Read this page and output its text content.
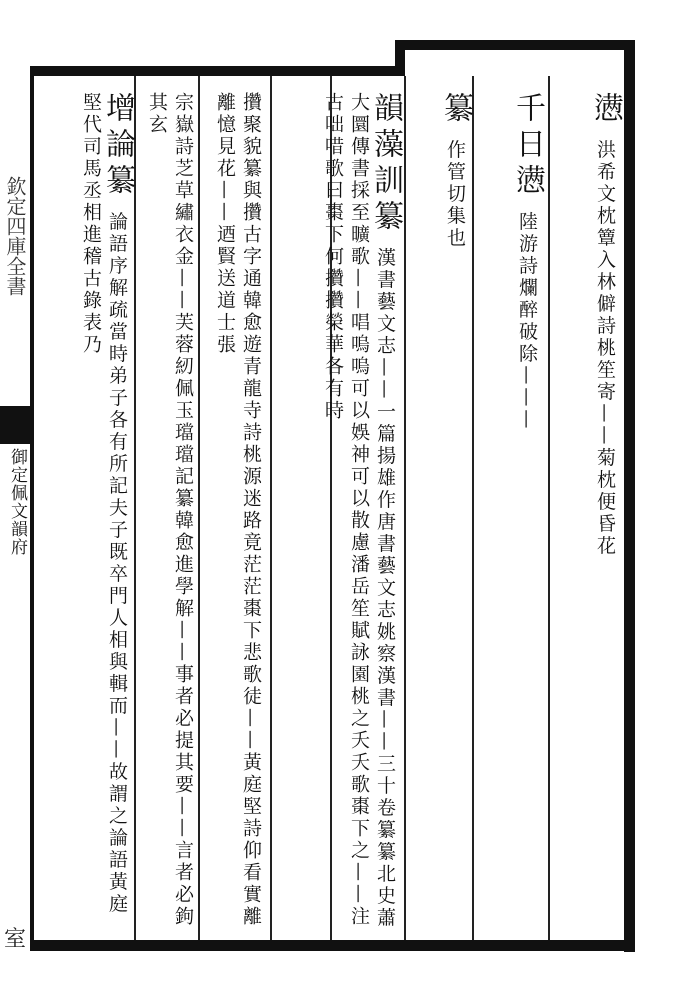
欽定四庫全書
御定佩文韻府
室
懑 洪希文枕簟入林僻詩桃笙寄——菊枕便昏花
千日懑 陸游詩爛醉破除———
纂 作管切集也
韻藻訓纂 漢書藝文志——一篇揚雄作唐書藝文志姚察漢書——三十卷纂纂北史蕭大圜傳書採至曠歌——唱嗚嗚可以娛神可以散慮潘岳笙賦詠園桃之夭夭歌棗下之——注古咄唶歌曰棗下何攢攢榮華各有時
攢聚貌纂與攢古字通韓愈遊青龍寺詩桃源迷路竟茫茫棗下悲歌徒——黃庭堅詩仰看實離離憶見花——迺賢送道士張
宗嶽詩芝草繡衣金——芙蓉紉佩玉璫璫記纂韓愈進學解——事者必提其要——言者必鉤其玄
增論纂 論語序解疏當時弟子各有所記夫子既卒門人相與輯而——故謂之論語黃庭堅代司馬丞相進稽古錄表乃
